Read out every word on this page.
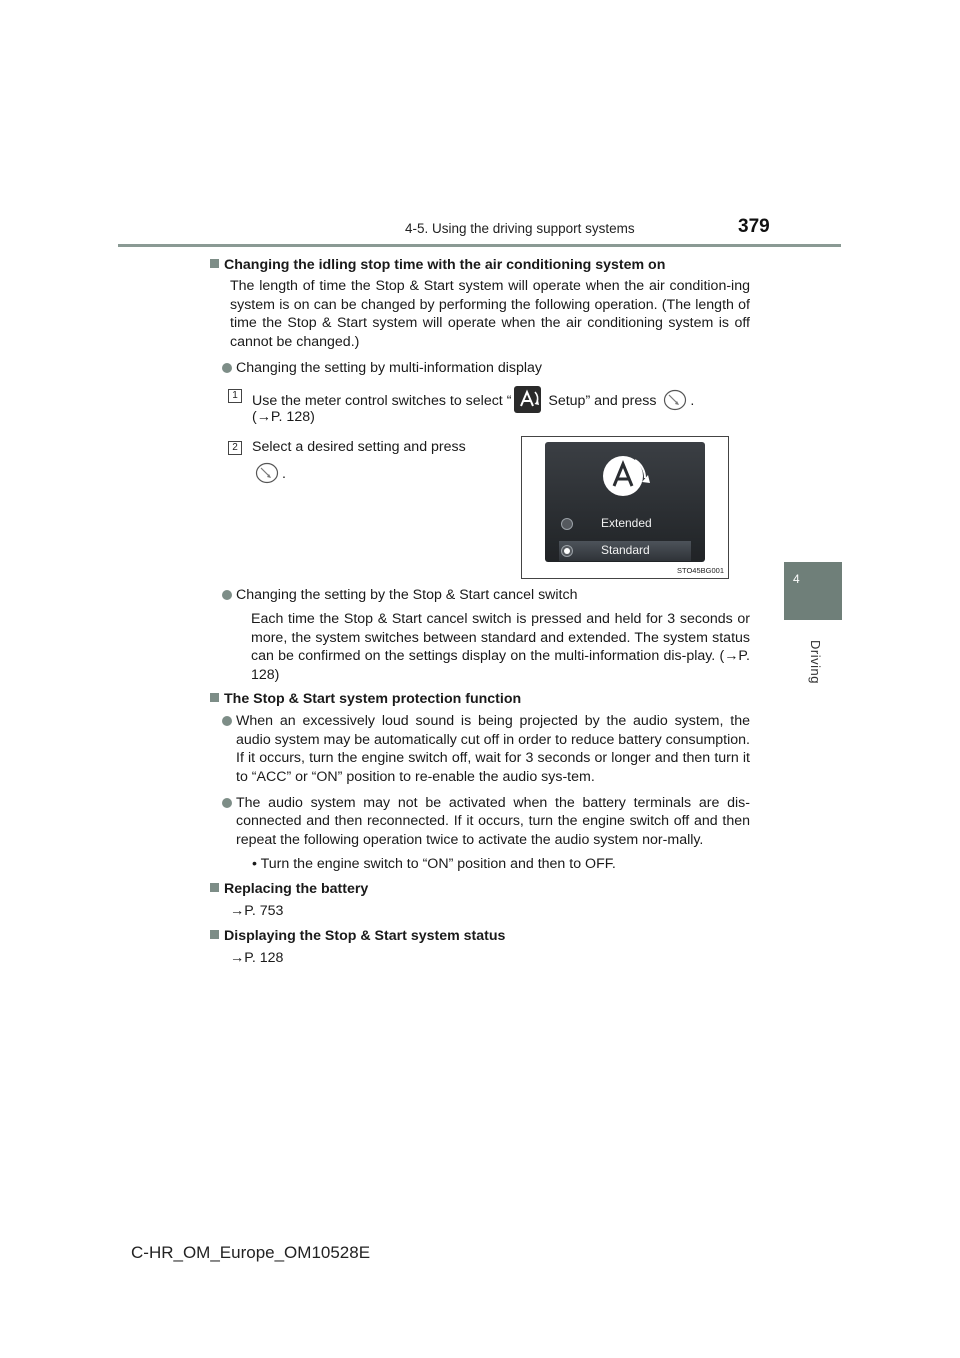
4-5. Using the driving support systems	379
4
Driving
Changing the idling stop time with the air conditioning system on
The length of time the Stop & Start system will operate when the air condition-ing system is on can be changed by performing the following operation. (The length of time the Stop & Start system will operate when the air conditioning system is off cannot be changed.)
Changing the setting by multi-information display
1 Use the meter control switches to select “
Setup” and press .
(→P. 128)
2 Select a desired setting and press
.
Extended
Standard
STO45BG001
Changing the setting by the Stop & Start cancel switch
Each time the Stop & Start cancel switch is pressed and held for 3 seconds or more, the system switches between standard and extended. The system status can be confirmed on the settings display on the multi-information dis-play. (→P. 128)
The Stop & Start system protection function
When an excessively loud sound is being projected by the audio system, the audio system may be automatically cut off in order to reduce battery consumption. If it occurs, turn the engine switch off, wait for 3 seconds or longer and then turn it to “ACC” or “ON” position to re-enable the audio sys-tem.
The audio system may not be activated when the battery terminals are dis-connected and then reconnected. If it occurs, turn the engine switch off and then repeat the following operation twice to activate the audio system nor-mally.
• Turn the engine switch to “ON” position and then to OFF.
Replacing the battery
→P. 753
Displaying the Stop & Start system status
→P. 128
C-HR_OM_Europe_OM10528E
